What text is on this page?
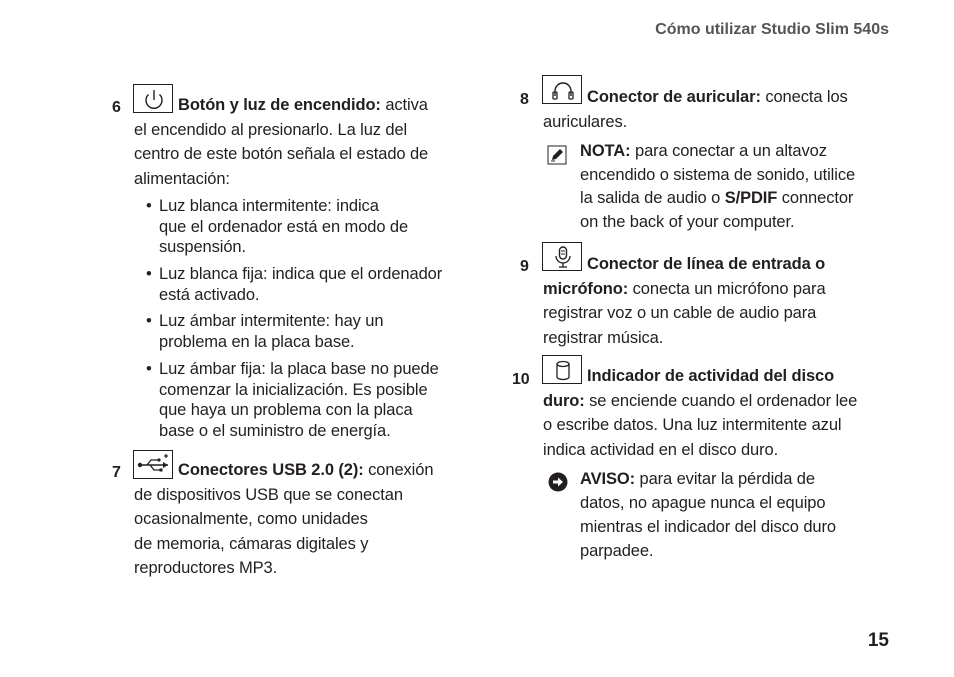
Cómo utilizar Studio Slim 540s
6	Botón y luz de encendido: activa
el encendido al presionarlo. La luz del
centro de este botón señala el estado de
alimentación:
• Luz blanca intermitente: indica
que el ordenador está en modo de
suspensión.
• Luz blanca fija: indica que el ordenador
está activado.
• Luz ámbar intermitente: hay un
problema en la placa base.
• Luz ámbar fija: la placa base no puede
comenzar la inicialización. Es posible
que haya un problema con la placa
base o el suministro de energía.
7	Conectores USB 2.0 (2): conexión
de dispositivos USB que se conectan
ocasionalmente, como unidades
de memoria, cámaras digitales y
reproductores MP3.
8	Conector de auricular: conecta los
auriculares.
NOTA: para conectar a un altavoz
encendido o sistema de sonido, utilice
la salida de audio o S/PDIF connector
on the back of your computer.
9	Conector de línea de entrada o
micrófono: conecta un micrófono para
registrar voz o un cable de audio para
registrar música.
10	Indicador de actividad del disco
duro: se enciende cuando el ordenador lee
o escribe datos. Una luz intermitente azul
indica actividad en el disco duro.
AVISO: para evitar la pérdida de
datos, no apague nunca el equipo
mientras el indicador del disco duro
parpadee.
15
